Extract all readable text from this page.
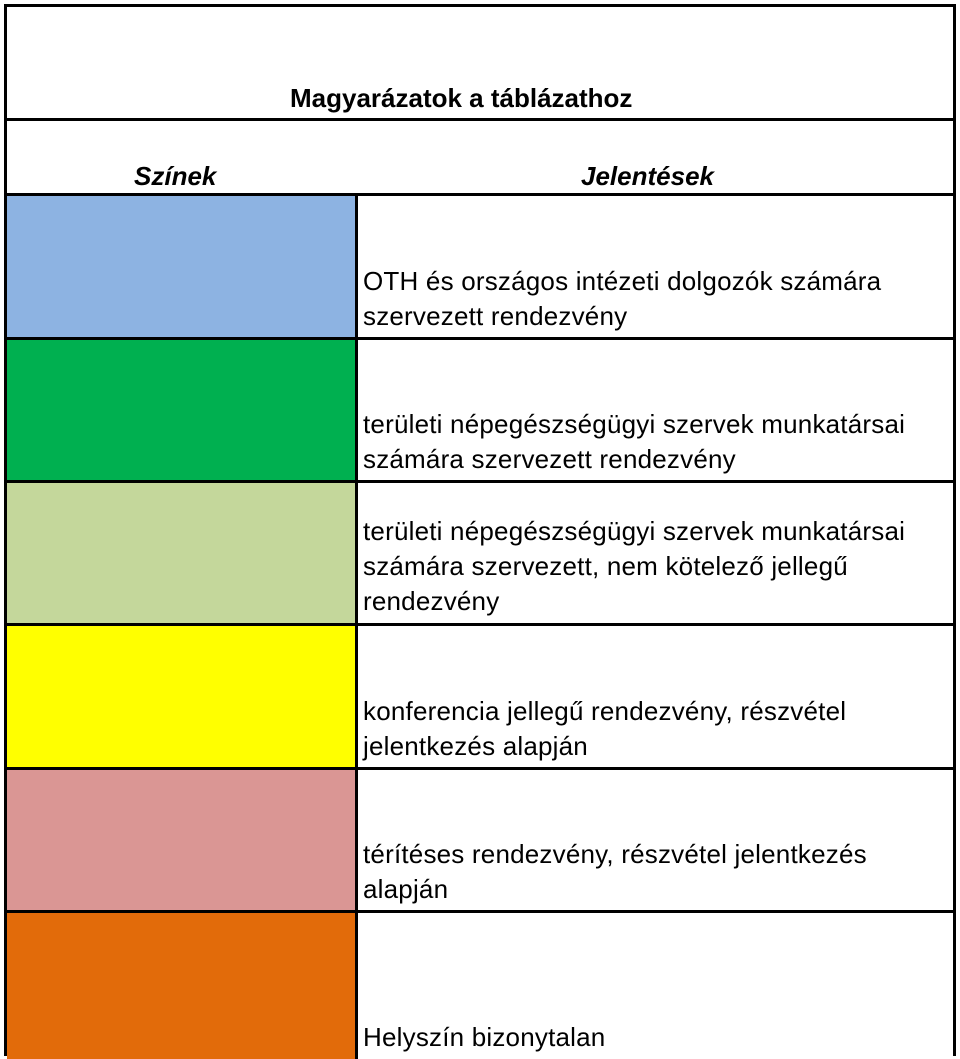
Magyarázatok a táblázathoz
Színek	Jelentések
OTH és országos intézeti dolgozók számára szervezett rendezvény
területi népegészségügyi szervek munkatársai számára szervezett rendezvény
területi népegészségügyi szervek munkatársai számára szervezett, nem kötelező jellegű rendezvény
konferencia jellegű rendezvény, részvétel jelentkezés alapján
térítéses rendezvény, részvétel jelentkezés alapján
Helyszín bizonytalan
